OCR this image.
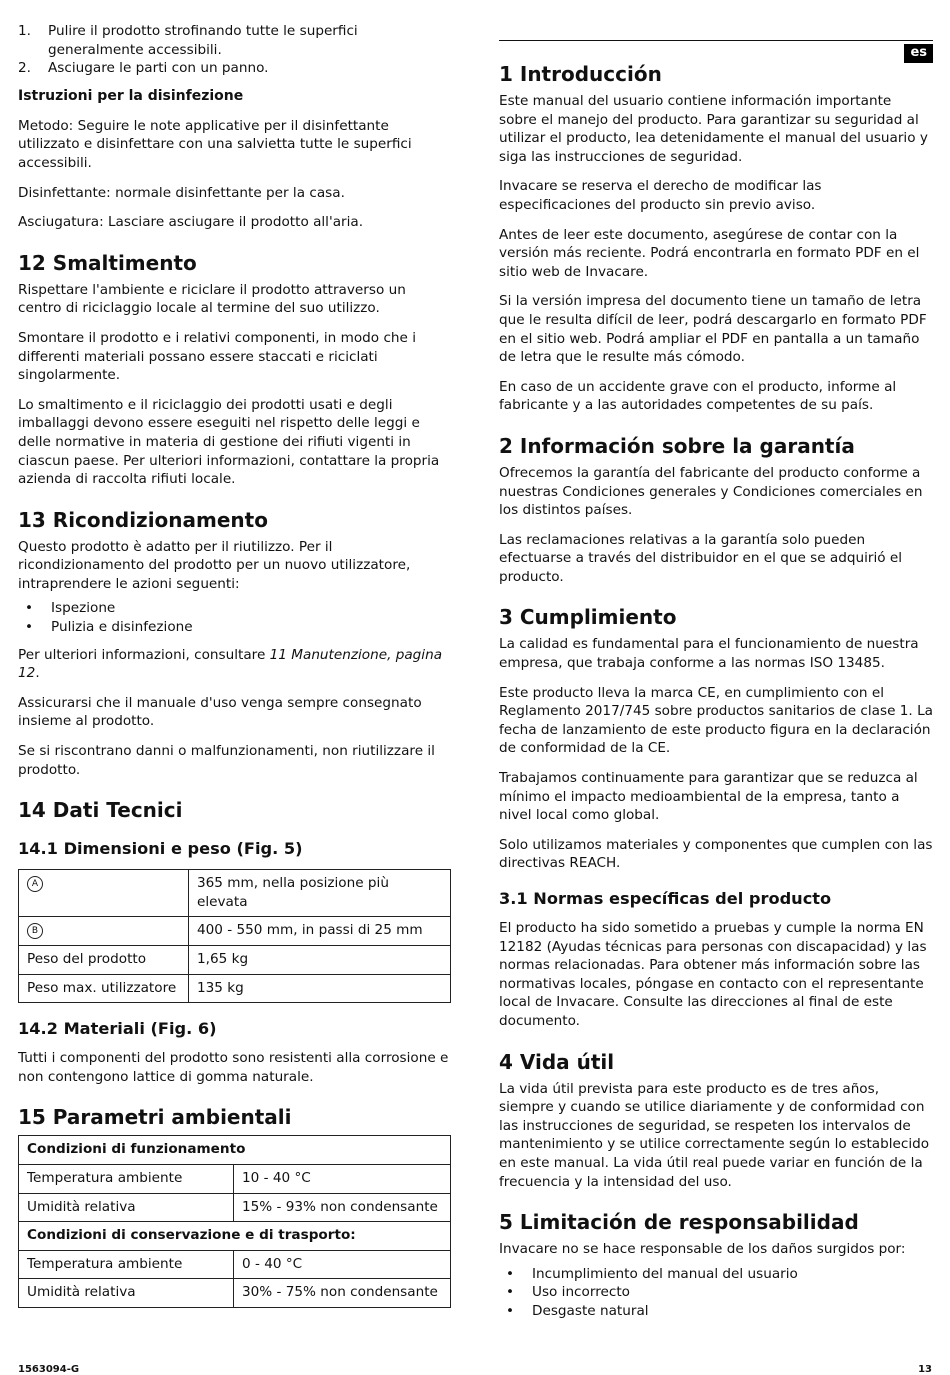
1. Pulire il prodotto strofinando tutte le superfici generalmente accessibili.
2. Asciugare le parti con un panno.
Istruzioni per la disinfezione

Metodo: Seguire le note applicative per il disinfettante utilizzato e disinfettare con una salvietta tutte le superfici accessibili.

Disinfettante: normale disinfettante per la casa.

Asciugatura: Lasciare asciugare il prodotto all'aria.

12 Smaltimento

Rispettare l'ambiente e riciclare il prodotto attraverso un centro di riciclaggio locale al termine del suo utilizzo.

Smontare il prodotto e i relativi componenti, in modo che i differenti materiali possano essere staccati e riciclati singolarmente.

Lo smaltimento e il riciclaggio dei prodotti usati e degli imballaggi devono essere eseguiti nel rispetto delle leggi e delle normative in materia di gestione dei rifiuti vigenti in ciascun paese. Per ulteriori informazioni, contattare la propria azienda di raccolta rifiuti locale.

13 Ricondizionamento

Questo prodotto è adatto per il riutilizzo. Per il ricondizionamento del prodotto per un nuovo utilizzatore, intraprendere le azioni seguenti:

• Ispezione
• Pulizia e disinfezione

Per ulteriori informazioni, consultare 11 Manutenzione, pagina 12.

Assicurarsi che il manuale d'uso venga sempre consegnato insieme al prodotto.

Se si riscontrano danni o malfunzionamenti, non riutilizzare il prodotto.

14 Dati Tecnici
14.1 Dimensioni e peso (Fig. 5)
A	365 mm, nella posizione più elevata
B	400 - 550 mm, in passi di 25 mm
Peso del prodotto	1,65 kg
Peso max. utilizzatore	135 kg
14.2 Materiali (Fig. 6)

Tutti i componenti del prodotto sono resistenti alla corrosione e non contengono lattice di gomma naturale.

15 Parametri ambientali
Condizioni di funzionamento	
Temperatura ambiente	10 - 40 °C
Umidità relativa	15% - 93% non condensante
Condizioni di conservazione e di trasporto:	
Temperatura ambiente	0 - 40 °C
Umidità relativa	30% - 75% non condensante
es
1 Introducción

Este manual del usuario contiene información importante sobre el manejo del producto. Para garantizar su seguridad al utilizar el producto, lea detenidamente el manual del usuario y siga las instrucciones de seguridad.

Invacare se reserva el derecho de modificar las especificaciones del producto sin previo aviso.

Antes de leer este documento, asegúrese de contar con la versión más reciente. Podrá encontrarla en formato PDF en el sitio web de Invacare.

Si la versión impresa del documento tiene un tamaño de letra que le resulta difícil de leer, podrá descargarlo en formato PDF en el sitio web. Podrá ampliar el PDF en pantalla a un tamaño de letra que le resulte más cómodo.

En caso de un accidente grave con el producto, informe al fabricante y a las autoridades competentes de su país.

2 Información sobre la garantía

Ofrecemos la garantía del fabricante del producto conforme a nuestras Condiciones generales y Condiciones comerciales en los distintos países.

Las reclamaciones relativas a la garantía solo pueden efectuarse a través del distribuidor en el que se adquirió el producto.

3 Cumplimiento

La calidad es fundamental para el funcionamiento de nuestra empresa, que trabaja conforme a las normas ISO 13485.

Este producto lleva la marca CE, en cumplimiento con el Reglamento 2017/745 sobre productos sanitarios de clase 1. La fecha de lanzamiento de este producto figura en la declaración de conformidad de la CE.

Trabajamos continuamente para garantizar que se reduzca al mínimo el impacto medioambiental de la empresa, tanto a nivel local como global.

Solo utilizamos materiales y componentes que cumplen con las directivas REACH.

3.1 Normas específicas del producto

El producto ha sido sometido a pruebas y cumple la norma EN 12182 (Ayudas técnicas para personas con discapacidad) y las normas relacionadas. Para obtener más información sobre las normativas locales, póngase en contacto con el representante local de Invacare. Consulte las direcciones al final de este documento.

4 Vida útil

La vida útil prevista para este producto es de tres años, siempre y cuando se utilice diariamente y de conformidad con las instrucciones de seguridad, se respeten los intervalos de mantenimiento y se utilice correctamente según lo establecido en este manual. La vida útil real puede variar en función de la frecuencia y la intensidad del uso.

5 Limitación de responsabilidad

Invacare no se hace responsable de los daños surgidos por:

• Incumplimiento del manual del usuario
• Uso incorrecto
• Desgaste natural
1563094-G	13
